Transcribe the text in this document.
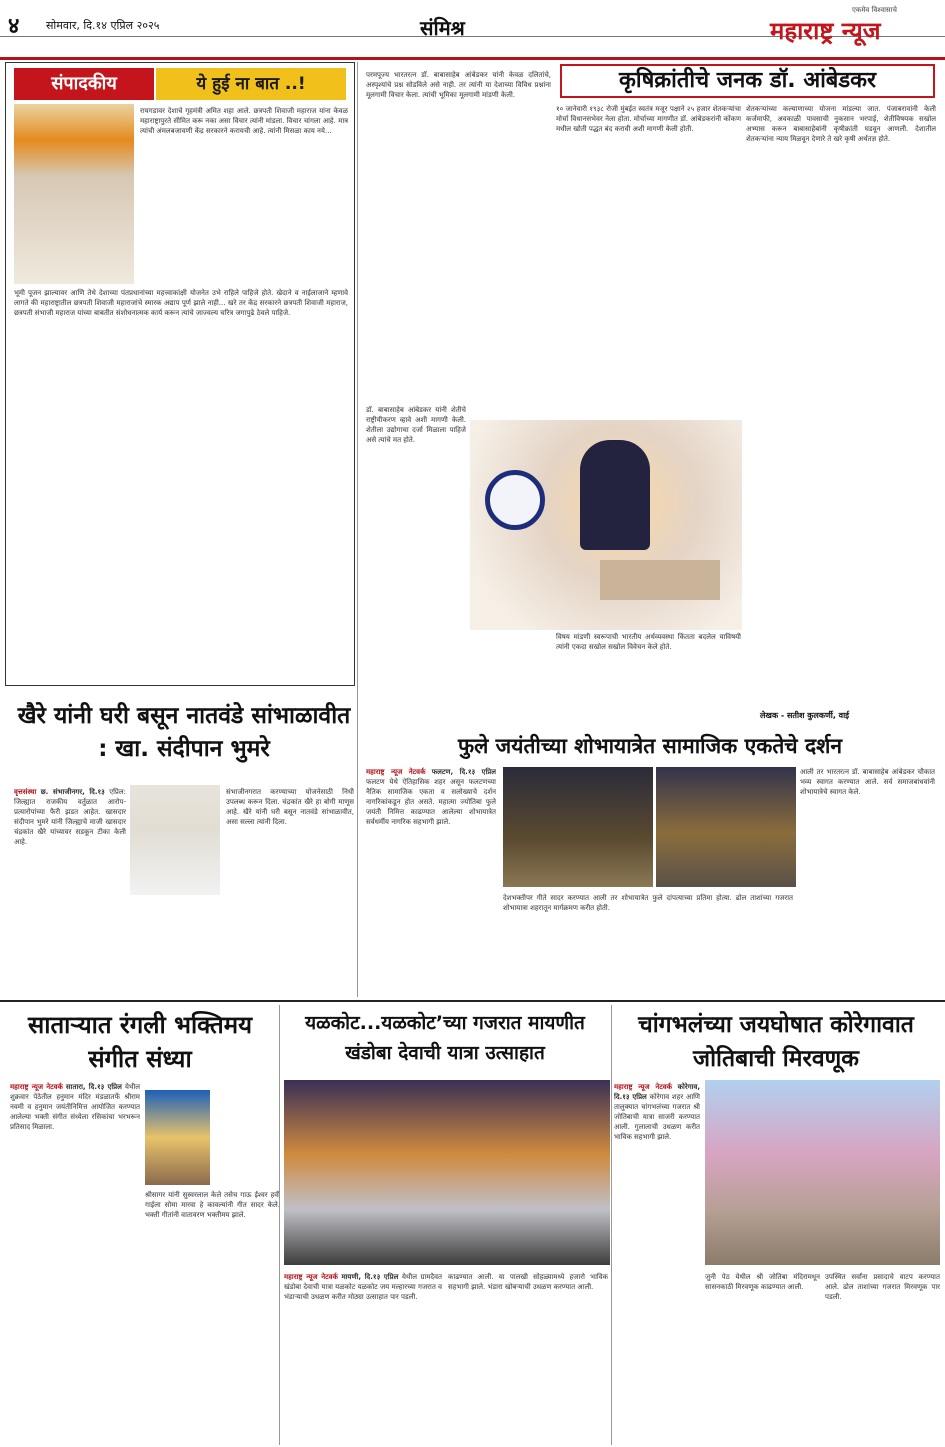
४ सोमवार, दि.१४ एप्रिल २०२५	संमिश्र
एकमेव विश्वासाचे
महाराष्ट्र न्यूज
संपादकीय	ये हुई ना बात ..!
रायगडावर देशाचे गृहमंत्री अमित शहा आले. छत्रपती शिवाजी महाराज यांना केवळ महाराष्ट्रापुरते सीमित करू नका असा विचार त्यांनी मांडला. विचार चांगला आहे. मात्र त्यांची अंमलबजावणी केंद्र सरकारने करायची आहे. त्यांनी मिसळा काय नये...
भूमी पूजन झाल्यावर आणि तेथे देशाच्या पंतप्रधानांच्या महत्त्वाकांक्षी योजनेत उभे राहिले पाहिजे होते. खेदाने व नाईलाजाने म्हणावे लागते की महाराष्ट्रातील छत्रपती शिवाजी महाराजांचे स्मारक अद्याप पूर्ण झाले नाही... खरे तर केंद्र सरकारने छत्रपती शिवाजी महाराज, छत्रपती संभाजी महाराज यांच्या बाबतीत संशोधनात्मक कार्य करून त्यांचे जाज्वल्य चरित्र जगापुढे ठेवले पाहिजे.
खैरे यांनी घरी बसून नातवंडे सांभाळावीत : खा. संदीपान भुमरे
वृत्तसंस्था छ. संभाजीनगर, दि.१३ एप्रिल: जिल्ह्यात राजकीय वर्तुळात आरोप-प्रत्यारोपांच्या फैरी झडत आहेत. खासदार संदीपान भुमरे यांनी जिल्ह्याचे माजी खासदार चंद्रकांत खैरे यांच्यावर सडकून टीका केली आहे.
संभाजीनगरात करण्याच्या योजनेसाठी निधी उपलब्ध करून दिला. चंद्रकांत खैरे हा बोगी माणूस आहे. खैरे यांनी घरी बसून नातवंडे सांभाळावीत, असा सल्ला त्यांनी दिला.
कृषिक्रांतीचे जनक डॉ. आंबेडकर
परमपूज्य भारतरत्न डॉ. बाबासाहेब आंबेडकर यांनी केवळ दलितांचे, अस्पृश्यांचे प्रश्न सोडविले असे नाही. तर त्यांनी या देशाच्या विविध प्रश्नांना मूलगामी विचार केला. त्यांची भूमिका मूलगामी मांडणी केली.
१० जानेवारी १९३८ रोजी मुंबईत स्वतंत्र मजूर पक्षाने २५ हजार शेतकऱ्यांचा मोर्चा विधानसभेवर नेला होता. मोर्चाच्या मागणीत डॉ. आंबेडकरांनी कोंकण मधील खोती पद्धत बंद करावी अशी मागणी केली होती.
शेतकऱ्यांच्या कल्याणाच्या योजना मांडल्या जात. पंजाबरावांनी केली कर्जमाफी, अवकाळी पावसाची नुकसान भरपाई, शेतीविषयक सखोल अभ्यास करून बाबासाहेबांनी कृषीक्रांती घडवून आणली. देशातील शेतकऱ्यांना न्याय मिळवून देणारे ते खरे कृषी अर्थतज्ञ होते.
डॉ. बाबासाहेब आंबेडकर यांनी शेतीचे राष्ट्रीयीकरण व्हावे अशी मागणी केली. शेतीला उद्योगाचा दर्जा मिळाला पाहिजे असे त्यांचे मत होते.
विषय मांडणी स्वरूपाची भारतीय अर्थव्यवस्था किंतता बदलेल याविषयी त्यांनी एकदा सखोल सखोल विवेचन केले होते.
लेखक - सतीश कुलकर्णी, वाई
फुले जयंतीच्या शोभायात्रेत सामाजिक एकतेचे दर्शन
महाराष्ट्र न्यूज नेटवर्क फलटण, दि.१३ एप्रिल फलटण येथे ऐतिहासिक शहर असून फलटणच्या नैतिक सामाजिक एकता व सलोख्याचे दर्शन नागरिकांकडून होत असते. महात्मा ज्योतिबा फुले जयंती निमित्त काढण्यात आलेल्या शोभायात्रेत सर्वधर्मीय नागरिक सहभागी झाले.
आली तर भारतरत्न डॉ. बाबासाहेब आंबेडकर चौकात भव्य स्वागत करण्यात आले. सर्व समाजबांधवांनी शोभायात्रेचे स्वागत केले.
देशभक्तीपर गीते सादर करण्यात आली तर शोभायात्रेत फुले दांपत्याच्या प्रतिमा होत्या. ढोल ताशांच्या गजरात शोभायात्रा शहरातून मार्गक्रमण करीत होती.
साताऱ्यात रंगली भक्तिमय संगीत संध्या
यळकोट...यळकोट’च्या गजरात मायणीत खंडोबा देवाची यात्रा उत्साहात
चांगभलंच्या जयघोषात कोरेगावात जोतिबाची मिरवणूक
महाराष्ट्र न्यूज नेटवर्क सातारा, दि.१३ एप्रिल येथील शुक्रवार पेठेतील हनुमान मंदिर मंडळातर्फे श्रीराम नवमी व हनुमान जयंतीनिमित्त आयोजित करण्यात आलेल्या भक्ती संगीत संध्येला रसिकांचा भरभरून प्रतिसाद मिळाला.
श्रीसागर यांनी सुस्वरलाल केले तसेच गाऊ ईश्वर हवी गाईला सोमा मारवा हे कावल्यांनी गीत सादर केले. भक्ती गीतांनी वातावरण भक्तीमय झाले.
महाराष्ट्र न्यूज नेटवर्क मायणी, दि.१३ एप्रिल येथील ग्रामदैवत खंडोबा देवाची यात्रा यळकोट यळकोट जय मल्हारच्या गजरात व भंडाऱ्याची उधळण करीत मोठ्या उत्साहात पार पडली.
काढण्यात आली. या पालखी सोहळ्यामध्ये हजारो भाविक सहभागी झाले. भंडारा खोबऱ्याची उधळण करण्यात आली.
महाराष्ट्र न्यूज नेटवर्क कोरेगाव, दि.१३ एप्रिल कोरेगाव शहर आणि तालुक्यात चांगभलंच्या गजरात श्री जोतिबाची यात्रा साजरी करण्यात आली. गुलालाची उधळण करीत भाविक सहभागी झाले.
जुनी पेठ येथील श्री जोतिबा मंदिरामधून सासनकाठी मिरवणूक काढण्यात आली.
उपस्थित सर्वांना प्रसादाचे वाटप करण्यात आले. ढोल ताशांच्या गजरात मिरवणूक पार पडली.
